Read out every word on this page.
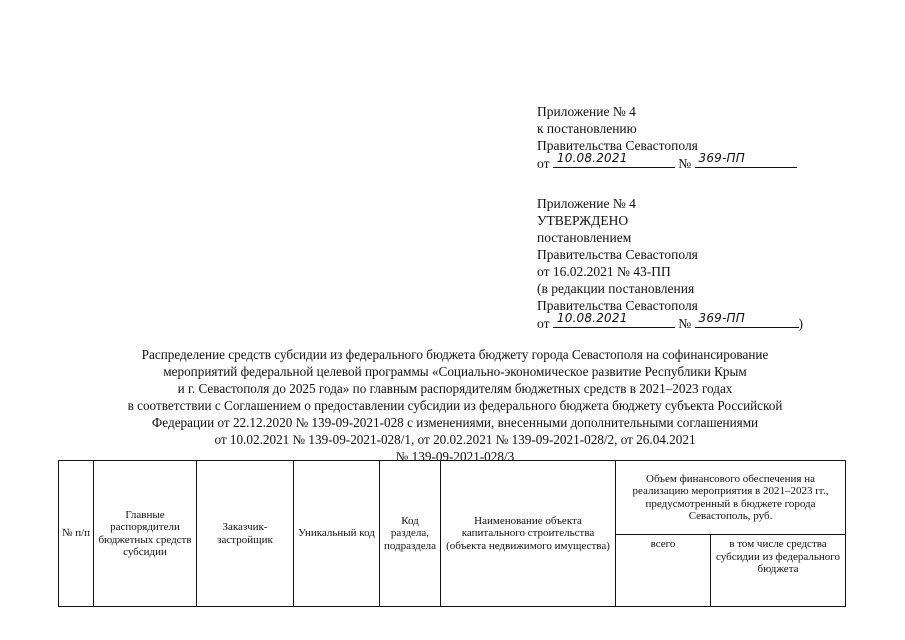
Приложение № 4
к постановлению
Правительства Севастополя
от 10.08.2021	№ 369-ПП
Приложение № 4
УТВЕРЖДЕНО
постановлением
Правительства Севастополя
от 16.02.2021 № 43-ПП
(в редакции постановления
Правительства Севастополя
от 10.08.2021	№ 369-ПП	)
Распределение средств субсидии из федерального бюджета бюджету города Севастополя на софинансирование
мероприятий федеральной целевой программы «Социально-экономическое развитие Республики Крым
и г. Севастополя до 2025 года» по главным распорядителям бюджетных средств в 2021–2023 годах
в соответствии с Соглашением о предоставлении субсидии из федерального бюджета бюджету субъекта Российской
Федерации от 22.12.2020 № 139-09-2021-028 с изменениями, внесенными дополнительными соглашениями
от 10.02.2021 № 139-09-2021-028/1, от 20.02.2021 № 139-09-2021-028/2, от 26.04.2021
№ 139-09-2021-028/3
№ п/п	Главные распорядители бюджетных средств субсидии	Заказчик-застройщик	Уникальный код	Код раздела, подраздела	Наименование объекта капитального строительства (объекта недвижимого имущества)	Объем финансового обеспечения на реализацию мероприятия в 2021–2023 гг., предусмотренный в бюджете города Севастополь, руб.	
						всего	в том числе средства субсидии из федерального бюджета
